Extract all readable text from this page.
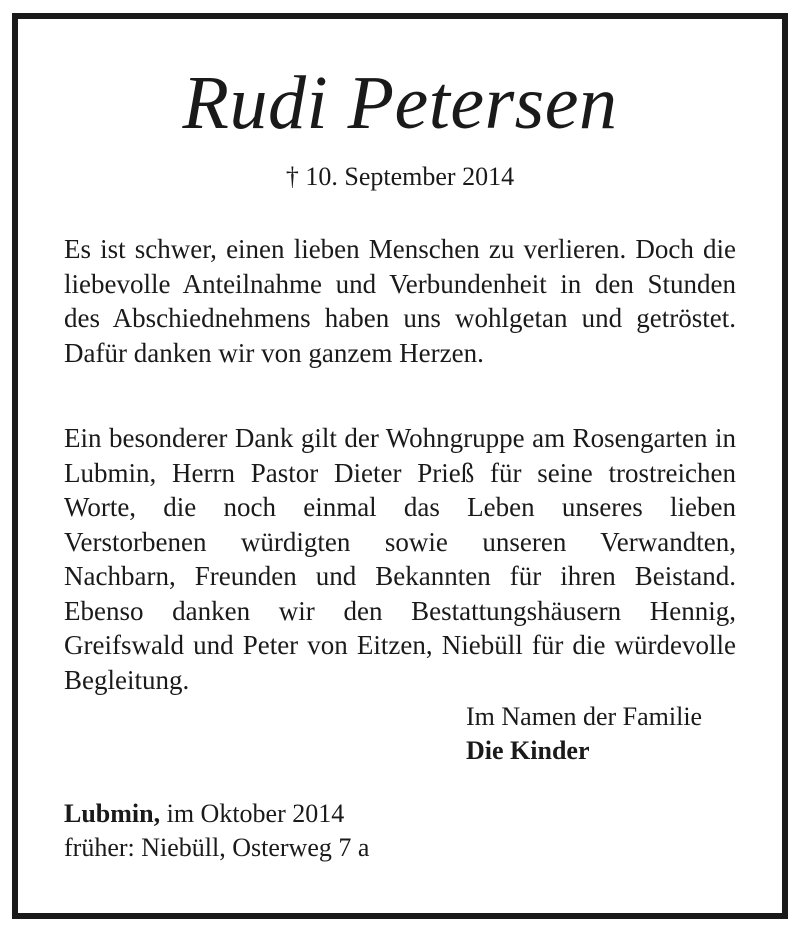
Rudi Petersen
† 10. September 2014
Es ist schwer, einen lieben Menschen zu verlieren. Doch die liebevolle Anteilnahme und Verbundenheit in den Stunden des Abschiednehmens haben uns wohlgetan und getröstet. Dafür danken wir von ganzem Herzen.
Ein besonderer Dank gilt der Wohngruppe am Rosengarten in Lubmin, Herrn Pastor Dieter Prieß für seine trostreichen Worte, die noch einmal das Leben unseres lieben Verstorbenen würdigten sowie unseren Verwandten, Nachbarn, Freunden und Bekannten für ihren Beistand. Ebenso danken wir den Bestattungshäusern Hennig, Greifswald und Peter von Eitzen, Niebüll für die würdevolle Begleitung.
Im Namen der Familie
Die Kinder
Lubmin, im Oktober 2014
früher: Niebüll, Osterweg 7 a
